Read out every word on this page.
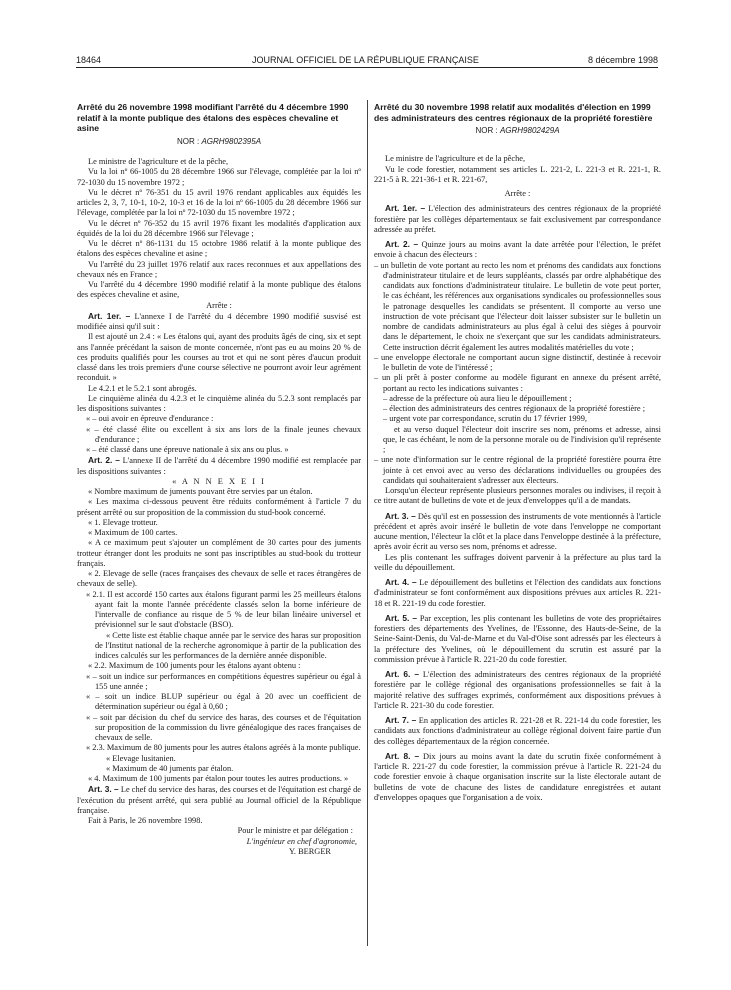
18464	JOURNAL OFFICIEL DE LA RÉPUBLIQUE FRANÇAISE	8 décembre 1998

Arrêté du 26 novembre 1998 modifiant l'arrêté du 4 décembre 1990 relatif à la monte publique des étalons des espèces chevaline et asine

NOR : AGRH9802395A

Le ministre de l'agriculture et de la pêche,

Vu la loi nº 66-1005 du 28 décembre 1966 sur l'élevage, complétée par la loi nº 72-1030 du 15 novembre 1972 ;

Vu le décret nº 76-351 du 15 avril 1976 rendant applicables aux équidés les articles 2, 3, 7, 10-1, 10-2, 10-3 et 16 de la loi nº 66-1005 du 28 décembre 1966 sur l'élevage, complétée par la loi nº 72-1030 du 15 novembre 1972 ;

Vu le décret nº 76-352 du 15 avril 1976 fixant les modalités d'application aux équidés de la loi du 28 décembre 1966 sur l'élevage ;

Vu le décret nº 86-1131 du 15 octobre 1986 relatif à la monte publique des étalons des espèces chevaline et asine ;

Vu l'arrêté du 23 juillet 1976 relatif aux races reconnues et aux appellations des chevaux nés en France ;

Vu l'arrêté du 4 décembre 1990 modifié relatif à la monte publique des étalons des espèces chevaline et asine,

Arrête :

Art. 1er. – L'annexe I de l'arrêté du 4 décembre 1990 modifié susvisé est modifiée ainsi qu'il suit :

Il est ajouté un 2.4 : « Les étalons qui, ayant des produits âgés de cinq, six et sept ans l'année précédant la saison de monte concernée, n'ont pas eu au moins 20 % de ces produits qualifiés pour les courses au trot et qui ne sont pères d'aucun produit classé dans les trois premiers d'une course sélective ne pourront avoir leur agrément reconduit. »

Le 4.2.1 et le 5.2.1 sont abrogés.

Le cinquième alinéa du 4.2.3 et le cinquième alinéa du 5.2.3 sont remplacés par les dispositions suivantes :

« – oui avoir en épreuve d'endurance :

« – été classé élite ou excellent à six ans lors de la finale jeunes chevaux d'endurance ;

« – été classé dans une épreuve nationale à six ans ou plus. »

Art. 2. – L'annexe II de l'arrêté du 4 décembre 1990 modifié est remplacée par les dispositions suivantes :

« A N N E X E I I

« Nombre maximum de juments pouvant être servies par un étalon.

« Les maxima ci-dessous peuvent être réduits conformément à l'article 7 du présent arrêté ou sur proposition de la commission du stud-book concerné.

« 1. Elevage trotteur.

« Maximum de 100 cartes.

« A ce maximum peut s'ajouter un complément de 30 cartes pour des juments trotteur étranger dont les produits ne sont pas inscriptibles au stud-book du trotteur français.

« 2. Elevage de selle (races françaises des chevaux de selle et races étrangères de chevaux de selle).

« 2.1. Il est accordé 150 cartes aux étalons figurant parmi les 25 meilleurs étalons ayant fait la monte l'année précédente classés selon la borne inférieure de l'intervalle de confiance au risque de 5 % de leur bilan linéaire universel et prévisionnel sur le saut d'obstacle (BSO).

« Cette liste est établie chaque année par le service des haras sur proposition de l'Institut national de la recherche agronomique à partir de la publication des indices calculés sur les performances de la dernière année disponible.

« 2.2. Maximum de 100 juments pour les étalons ayant obtenu :

« – soit un indice sur performances en compétitions équestres supérieur ou égal à 155 une année ;

« – soit un indice BLUP supérieur ou égal à 20 avec un coefficient de détermination supérieur ou égal à 0,60 ;

« – soit par décision du chef du service des haras, des courses et de l'équitation sur proposition de la commission du livre généalogique des races françaises de chevaux de selle.

« 2.3. Maximum de 80 juments pour les autres étalons agréés à la monte publique.

« Elevage lusitanien.

« Maximum de 40 juments par étalon.

« 4. Maximum de 100 juments par étalon pour toutes les autres productions. »

Art. 3. – Le chef du service des haras, des courses et de l'équitation est chargé de l'exécution du présent arrêté, qui sera publié au Journal officiel de la République française.

Fait à Paris, le 26 novembre 1998.

Pour le ministre et par délégation :

L'ingénieur en chef d'agronomie,

Y. BERGER

Arrêté du 30 novembre 1998 relatif aux modalités d'élection en 1999 des administrateurs des centres régionaux de la propriété forestière

NOR : AGRH9802429A

Le ministre de l'agriculture et de la pêche,

Vu le code forestier, notamment ses articles L. 221-2, L. 221-3 et R. 221-1, R. 221-5 à R. 221-36-1 et R. 221-67,

Arrête :

Art. 1er. – L'élection des administrateurs des centres régionaux de la propriété forestière par les collèges départementaux se fait exclusivement par correspondance adressée au préfet.

Art. 2. – Quinze jours au moins avant la date arrêtée pour l'élection, le préfet envoie à chacun des électeurs :

– un bulletin de vote portant au recto les nom et prénoms des candidats aux fonctions d'administrateur titulaire et de leurs suppléants, classés par ordre alphabétique des candidats aux fonctions d'administrateur titulaire. Le bulletin de vote peut porter, le cas échéant, les références aux organisations syndicales ou professionnelles sous le patronage desquelles les candidats se présentent. Il comporte au verso une instruction de vote précisant que l'électeur doit laisser subsister sur le bulletin un nombre de candidats administrateurs au plus égal à celui des sièges à pourvoir dans le département, le choix ne s'exerçant que sur les candidats administrateurs. Cette instruction décrit également les autres modalités matérielles du vote ;

– une enveloppe électorale ne comportant aucun signe distinctif, destinée à recevoir le bulletin de vote de l'intéressé ;

– un pli prêt à poster conforme au modèle figurant en annexe du présent arrêté, portant au recto les indications suivantes :

– adresse de la préfecture où aura lieu le dépouillement ;

– élection des administrateurs des centres régionaux de la propriété forestière ;

– urgent vote par correspondance, scrutin du 17 février 1999,

et au verso duquel l'électeur doit inscrire ses nom, prénoms et adresse, ainsi que, le cas échéant, le nom de la personne morale ou de l'indivision qu'il représente ;

– une note d'information sur le centre régional de la propriété forestière pourra être jointe à cet envoi avec au verso des déclarations individuelles ou groupées des candidats qui souhaiteraient s'adresser aux électeurs.

Lorsqu'un électeur représente plusieurs personnes morales ou indivises, il reçoit à ce titre autant de bulletins de vote et de jeux d'enveloppes qu'il a de mandats.

Art. 3. – Dès qu'il est en possession des instruments de vote mentionnés à l'article précédent et après avoir inséré le bulletin de vote dans l'enveloppe ne comportant aucune mention, l'électeur la clôt et la place dans l'enveloppe destinée à la préfecture, après avoir écrit au verso ses nom, prénoms et adresse.

Les plis contenant les suffrages doivent parvenir à la préfecture au plus tard la veille du dépouillement.

Art. 4. – Le dépouillement des bulletins et l'élection des candidats aux fonctions d'administrateur se font conformément aux dispositions prévues aux articles R. 221-18 et R. 221-19 du code forestier.

Art. 5. – Par exception, les plis contenant les bulletins de vote des propriétaires forestiers des départements des Yvelines, de l'Essonne, des Hauts-de-Seine, de la Seine-Saint-Denis, du Val-de-Marne et du Val-d'Oise sont adressés par les électeurs à la préfecture des Yvelines, où le dépouillement du scrutin est assuré par la commission prévue à l'article R. 221-20 du code forestier.

Art. 6. – L'élection des administrateurs des centres régionaux de la propriété forestière par le collège régional des organisations professionnelles se fait à la majorité relative des suffrages exprimés, conformément aux dispositions prévues à l'article R. 221-30 du code forestier.

Art. 7. – En application des articles R. 221-28 et R. 221-14 du code forestier, les candidats aux fonctions d'administrateur au collège régional doivent faire partie d'un des collèges départementaux de la région concernée.

Art. 8. – Dix jours au moins avant la date du scrutin fixée conformément à l'article R. 221-27 du code forestier, la commission prévue à l'article R. 221-24 du code forestier envoie à chaque organisation inscrite sur la liste électorale autant de bulletins de vote de chacune des listes de candidature enregistrées et autant d'enveloppes opaques que l'organisation a de voix.
